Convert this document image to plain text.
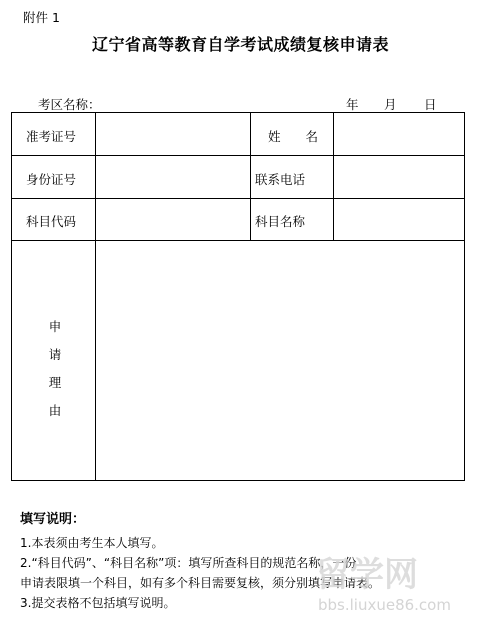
附件 1
辽宁省高等教育自学考试成绩复核申请表
考区名称：	年 月 日
准考证号	姓　　名
身份证号	联系电话
科目代码	科目名称
申
请
理
由
填写说明：
1.本表须由考生本人填写。
2.“科目代码”、“科目名称”项：填写所查科目的规范名称，一份
申请表限填一个科目，如有多个科目需要复核，须分别填写申请表。
3.提交表格不包括填写说明。
留学网
bbs.liuxue86.com
